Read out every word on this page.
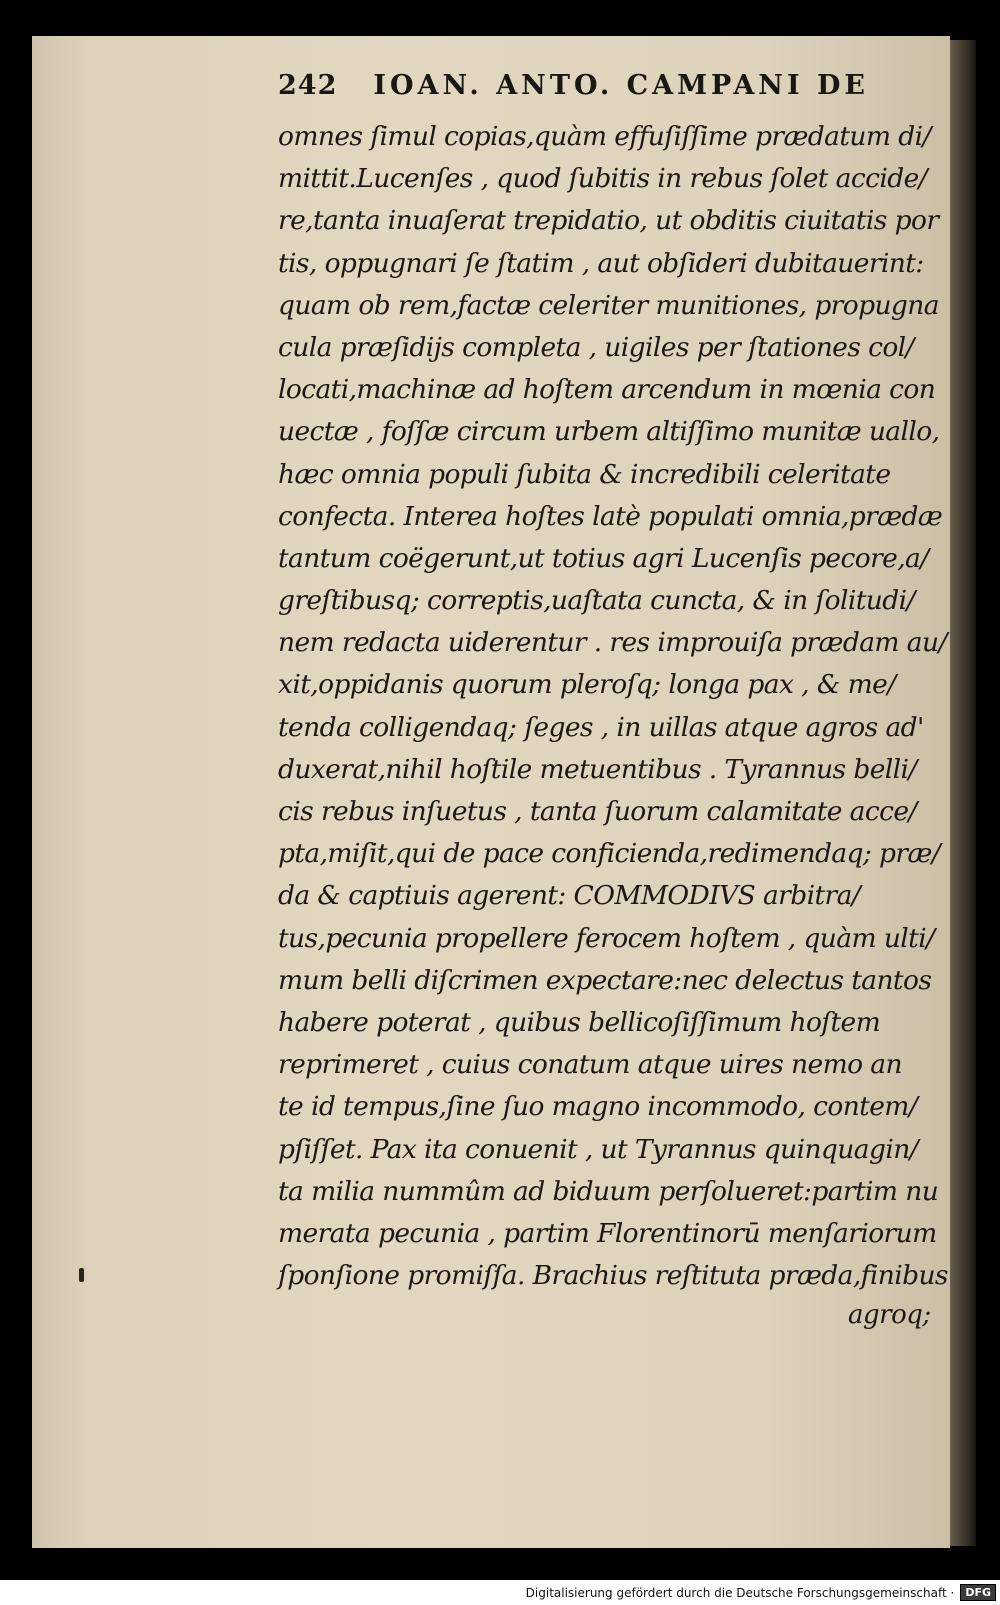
242 IOAN. ANTO. CAMPANI DE
omnes ſimul copias,quàm effuſiſſime prædatum di/
mittit.Lucenſes , quod ſubitis in rebus ſolet accide/
re,tanta inuaſerat trepidatio, ut obditis ciuitatis por
tis, oppugnari ſe ſtatim , aut obſideri dubitauerint:
quam ob rem,factæ celeriter munitiones, propugna
cula præſidijs completa , uigiles per ſtationes col/
locati,machinæ ad hoſtem arcendum in mœnia con
uectæ , foſſæ circum urbem altiſſimo munitæ uallo,
hæc omnia populi ſubita & incredibili celeritate
confecta. Interea hoſtes latè populati omnia,prædæ
tantum coëgerunt,ut totius agri Lucenſis pecore,a/
greſtibusq; correptis,uaſtata cuncta, & in ſolitudi/
nem redacta uiderentur . res improuiſa prædam au/
xit,oppidanis quorum pleroſq; longa pax , & me/
tenda colligendaq; ſeges , in uillas atque agros ad'
duxerat,nihil hoſtile metuentibus . Tyrannus belli/
cis rebus inſuetus , tanta ſuorum calamitate acce/
pta,miſit,qui de pace conficienda,redimendaq; præ/
da & captiuis agerent: COMMODIVS arbitra/
tus,pecunia propellere ferocem hoſtem , quàm ulti/
mum belli diſcrimen expectare:nec delectus tantos
habere poterat , quibus bellicoſiſſimum hoſtem
reprimeret , cuius conatum atque uires nemo an
te id tempus,ſine ſuo magno incommodo, contem/
pſiſſet. Pax ita conuenit , ut Tyrannus quinquagin/
ta milia nummûm ad biduum perſolueret:partim nu
merata pecunia , partim Florentinorū menſariorum
ſponſione promiſſa. Brachius reſtituta præda,finibus
agroq;
Digitalisierung gefördert durch die Deutsche Forschungsgemeinschaft ·	DFG
